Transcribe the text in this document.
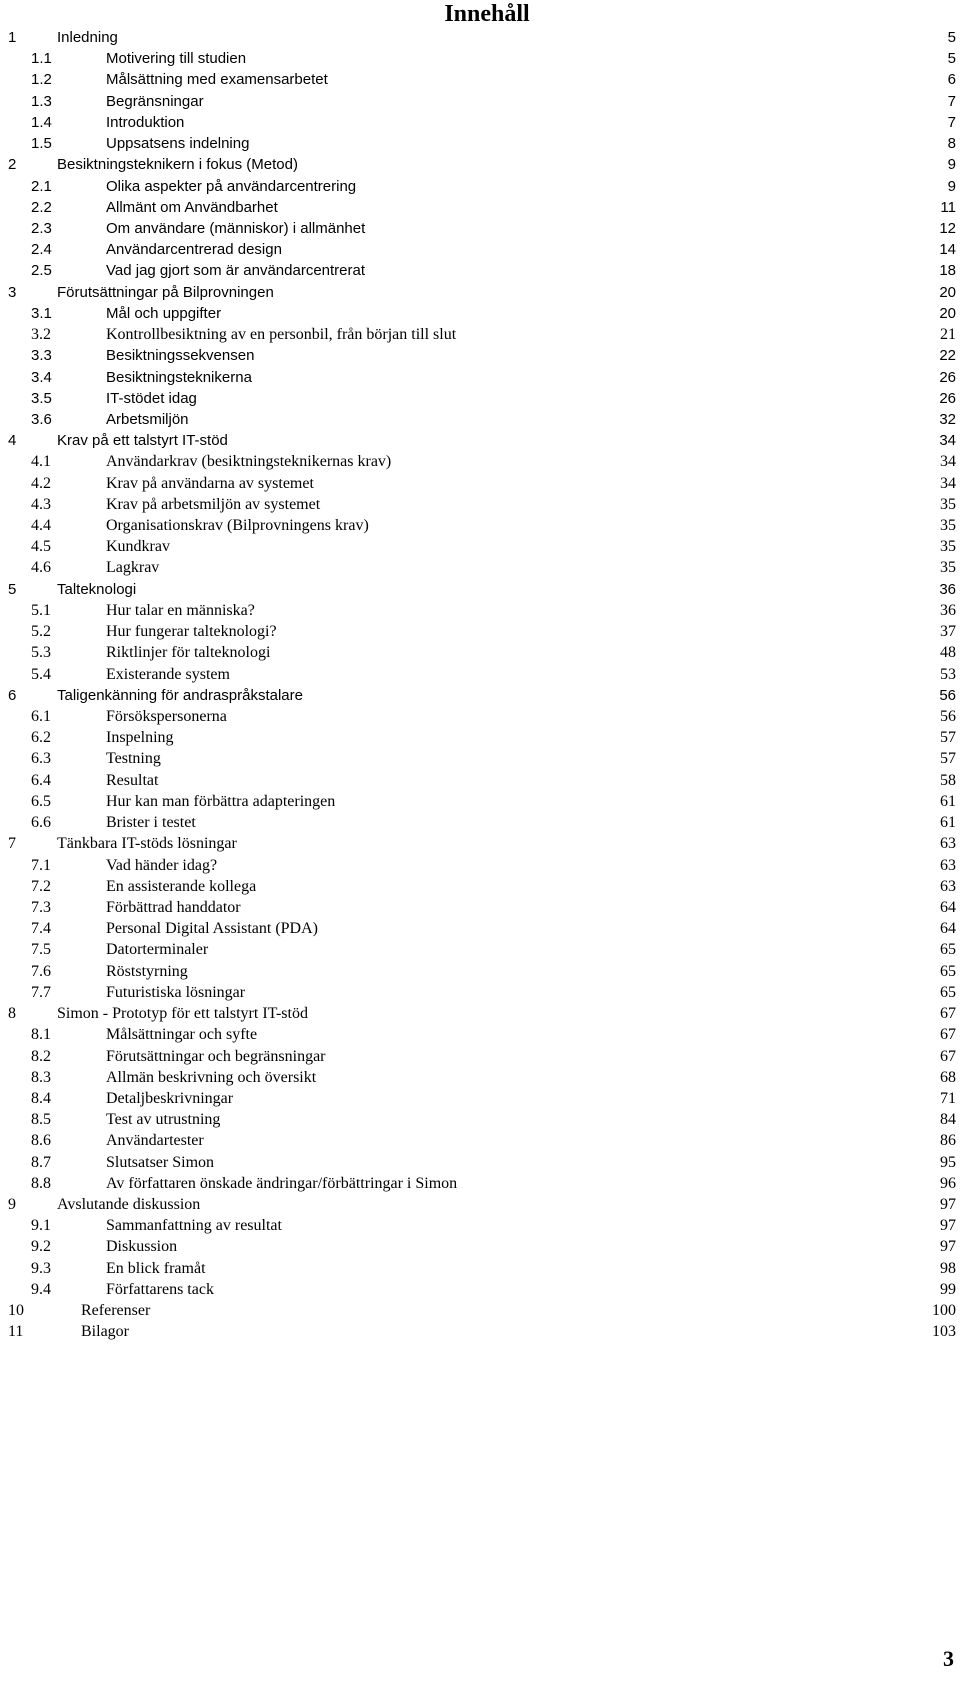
Innehåll
1	Inledning	5
1.1	Motivering till studien	5
1.2	Målsättning med examensarbetet	6
1.3	Begränsningar	7
1.4	Introduktion	7
1.5	Uppsatsens indelning	8
2	Besiktningsteknikern i fokus (Metod)	9
2.1	Olika aspekter på användarcentrering	9
2.2	Allmänt om Användbarhet	11
2.3	Om användare (människor) i allmänhet	12
2.4	Användarcentrerad design	14
2.5	Vad jag gjort som är användarcentrerat	18
3	Förutsättningar på Bilprovningen	20
3.1	Mål och uppgifter	20
3.2	Kontrollbesiktning av en personbil, från början till slut	21
3.3	Besiktningssekvensen	22
3.4	Besiktningsteknikerna	26
3.5	IT-stödet idag	26
3.6	Arbetsmiljön	32
4	Krav på ett talstyrt IT-stöd	34
4.1	Användarkrav (besiktningsteknikernas krav)	34
4.2	Krav på användarna av systemet	34
4.3	Krav på arbetsmiljön av systemet	35
4.4	Organisationskrav (Bilprovningens krav)	35
4.5	Kundkrav	35
4.6	Lagkrav	35
5	Talteknologi	36
5.1	Hur talar en människa?	36
5.2	Hur fungerar talteknologi?	37
5.3	Riktlinjer för talteknologi	48
5.4	Existerande system	53
6	Taligenkänning för andraspråkstalare	56
6.1	Försökspersonerna	56
6.2	Inspelning	57
6.3	Testning	57
6.4	Resultat	58
6.5	Hur kan man förbättra adapteringen	61
6.6	Brister i testet	61
7	Tänkbara IT-stöds lösningar	63
7.1	Vad händer idag?	63
7.2	En assisterande kollega	63
7.3	Förbättrad handdator	64
7.4	Personal Digital Assistant (PDA)	64
7.5	Datorterminaler	65
7.6	Röststyrning	65
7.7	Futuristiska lösningar	65
8	Simon - Prototyp för ett talstyrt IT-stöd	67
8.1	Målsättningar och syfte	67
8.2	Förutsättningar och begränsningar	67
8.3	Allmän beskrivning och översikt	68
8.4	Detaljbeskrivningar	71
8.5	Test av utrustning	84
8.6	Användartester	86
8.7	Slutsatser Simon	95
8.8	Av författaren önskade ändringar/förbättringar i Simon	96
9	Avslutande diskussion	97
9.1	Sammanfattning av resultat	97
9.2	Diskussion	97
9.3	En blick framåt	98
9.4	Författarens tack	99
10	Referenser	100
11	Bilagor	103
3
